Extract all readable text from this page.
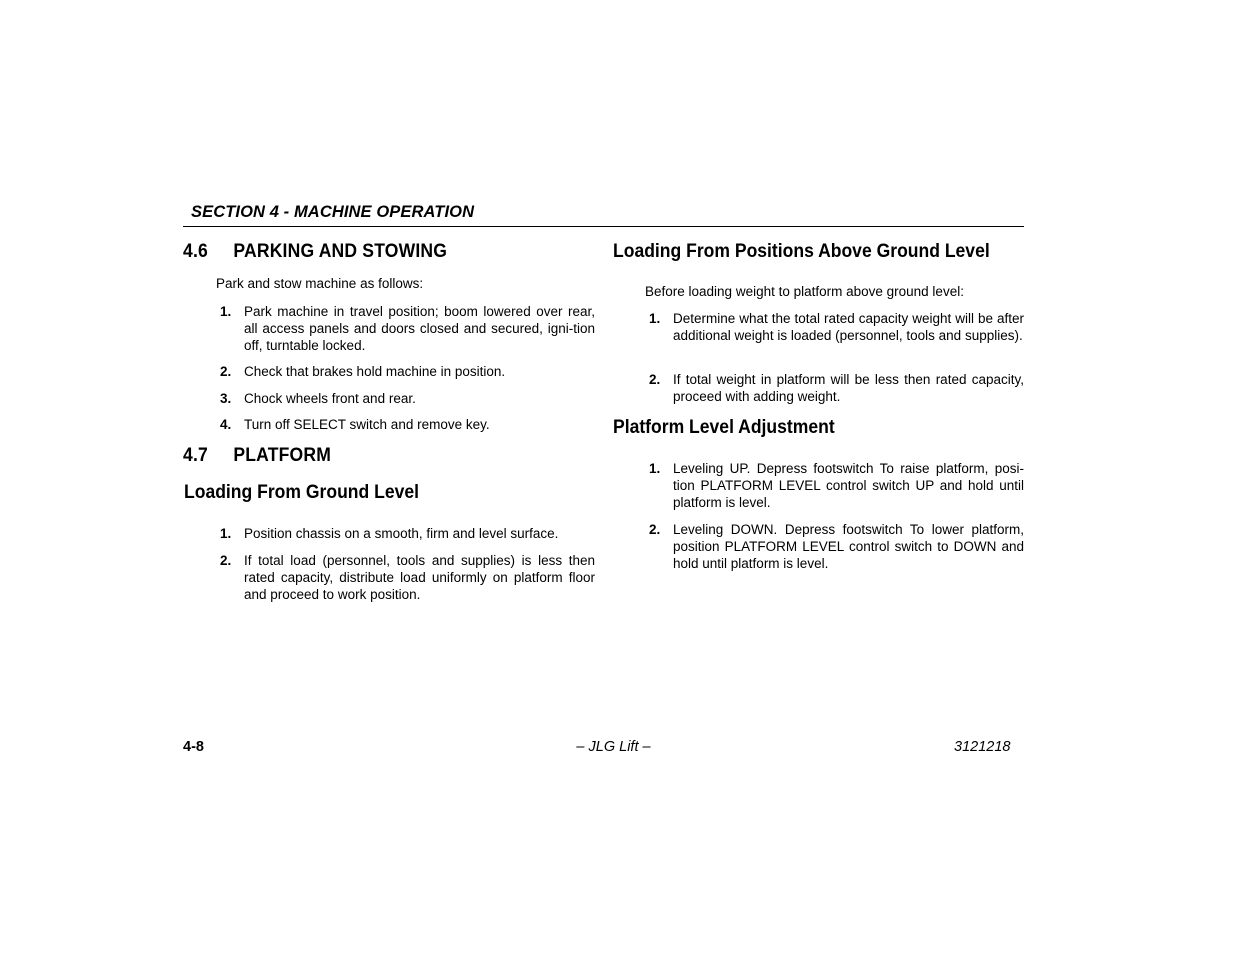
SECTION 4 - MACHINE OPERATION
4.6 PARKING AND STOWING
Park and stow machine as follows:
1. Park machine in travel position; boom lowered over rear, all access panels and doors closed and secured, igni-tion off, turntable locked.
2. Check that brakes hold machine in position.
3. Chock wheels front and rear.
4. Turn off SELECT switch and remove key.
4.7 PLATFORM
Loading From Ground Level
1. Position chassis on a smooth, firm and level surface.
2. If total load (personnel, tools and supplies) is less then rated capacity, distribute load uniformly on platform floor and proceed to work position.
Loading From Positions Above Ground Level
Before loading weight to platform above ground level:
1. Determine what the total rated capacity weight will be after additional weight is loaded (personnel, tools and supplies).
2. If total weight in platform will be less then rated capacity, proceed with adding weight.
Platform Level Adjustment
1. Leveling UP. Depress footswitch To raise platform, posi-tion PLATFORM LEVEL control switch UP and hold until platform is level.
2. Leveling DOWN. Depress footswitch To lower platform, position PLATFORM LEVEL control switch to DOWN and hold until platform is level.
4-8	– JLG Lift –	3121218
